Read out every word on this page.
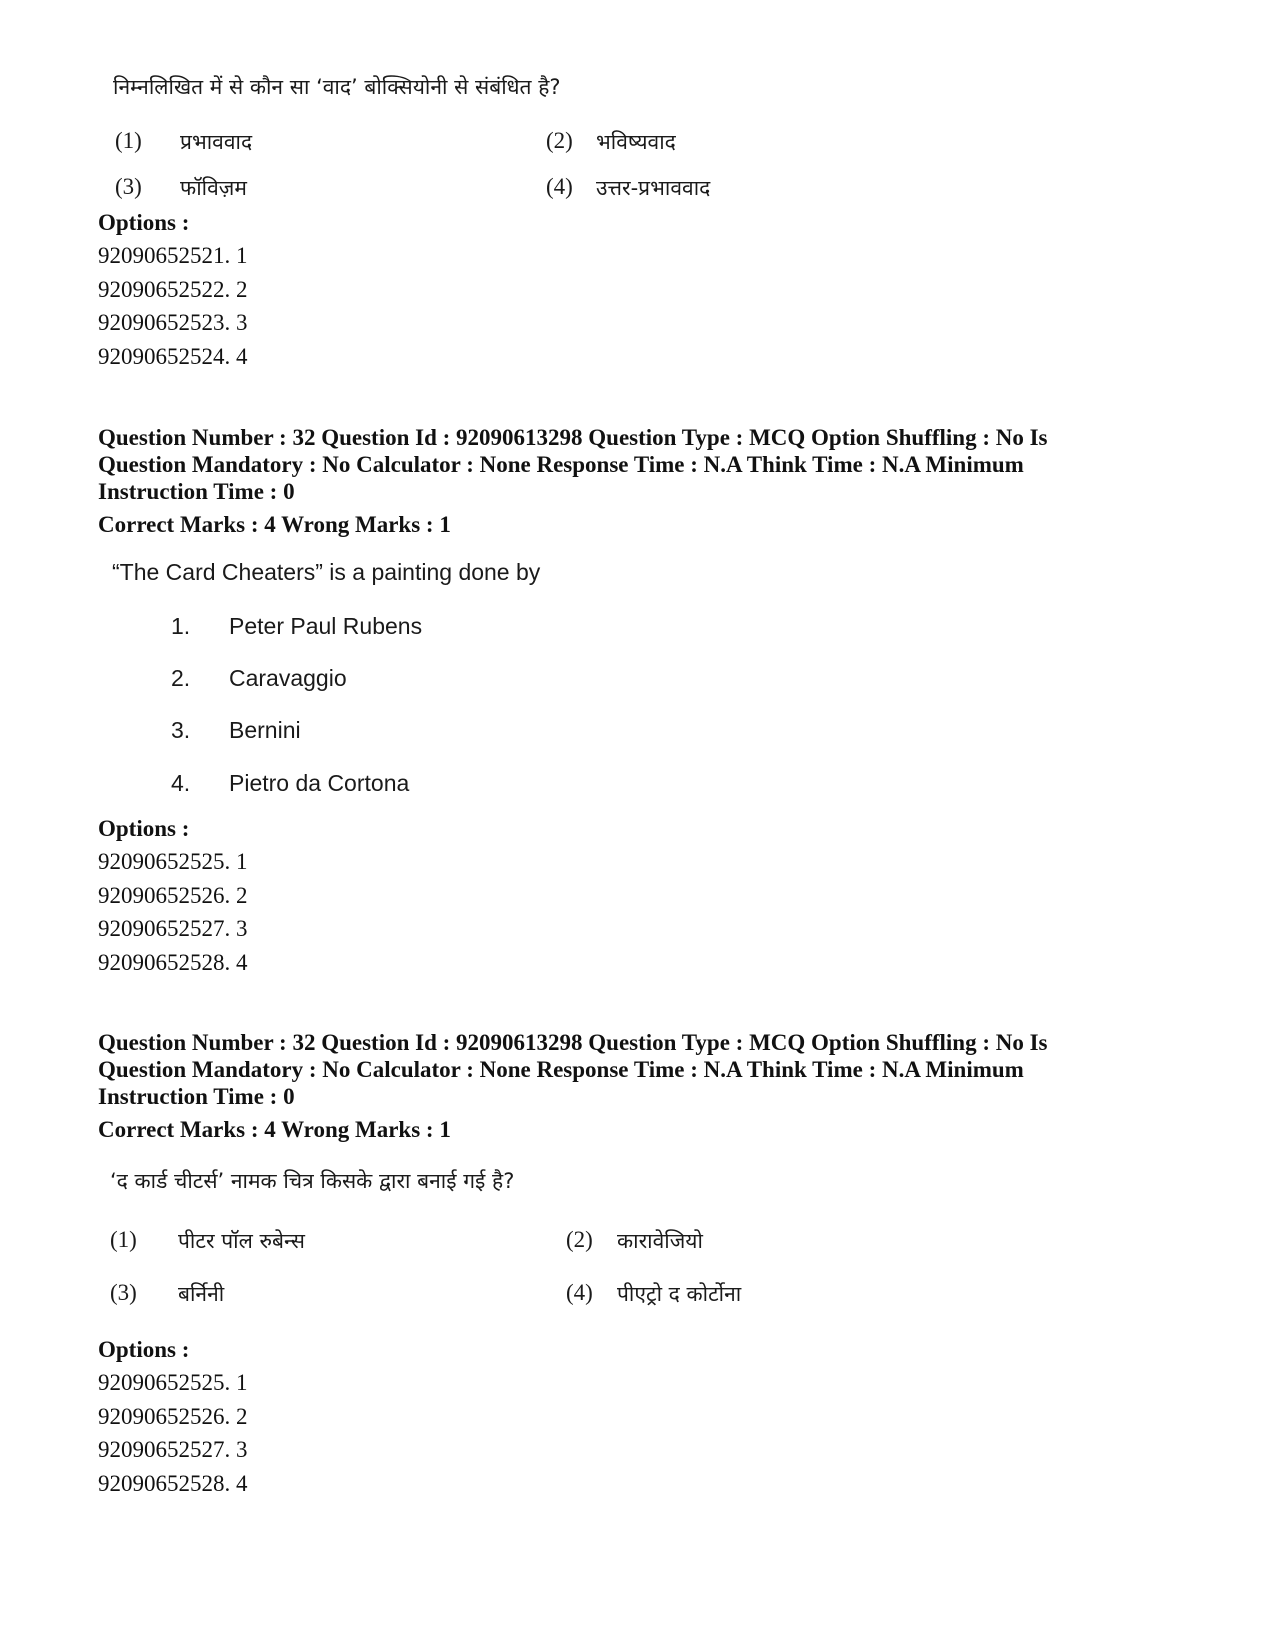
निम्नलिखित में से कौन सा ‘वाद’ बोक्सियोनी से संबंधित है?
(1) प्रभाववाद	(2) भविष्यवाद
(3) फॉविज़म	(4) उत्तर-प्रभाववाद
Options :
92090652521. 1
92090652522. 2
92090652523. 3
92090652524. 4
Question Number : 32 Question Id : 92090613298 Question Type : MCQ Option Shuffling : No Is
Question Mandatory : No Calculator : None Response Time : N.A Think Time : N.A Minimum
Instruction Time : 0
Correct Marks : 4 Wrong Marks : 1
“The Card Cheaters” is a painting done by
1. Peter Paul Rubens
2. Caravaggio
3. Bernini
4. Pietro da Cortona
Options :
92090652525. 1
92090652526. 2
92090652527. 3
92090652528. 4
Question Number : 32 Question Id : 92090613298 Question Type : MCQ Option Shuffling : No Is
Question Mandatory : No Calculator : None Response Time : N.A Think Time : N.A Minimum
Instruction Time : 0
Correct Marks : 4 Wrong Marks : 1
‘द कार्ड चीटर्स’ नामक चित्र किसके द्वारा बनाई गई है?
(1) पीटर पॉल रुबेन्स	(2) कारावेजियो
(3) बर्निनी	(4) पीएट्रो द कोर्टोना
Options :
92090652525. 1
92090652526. 2
92090652527. 3
92090652528. 4
